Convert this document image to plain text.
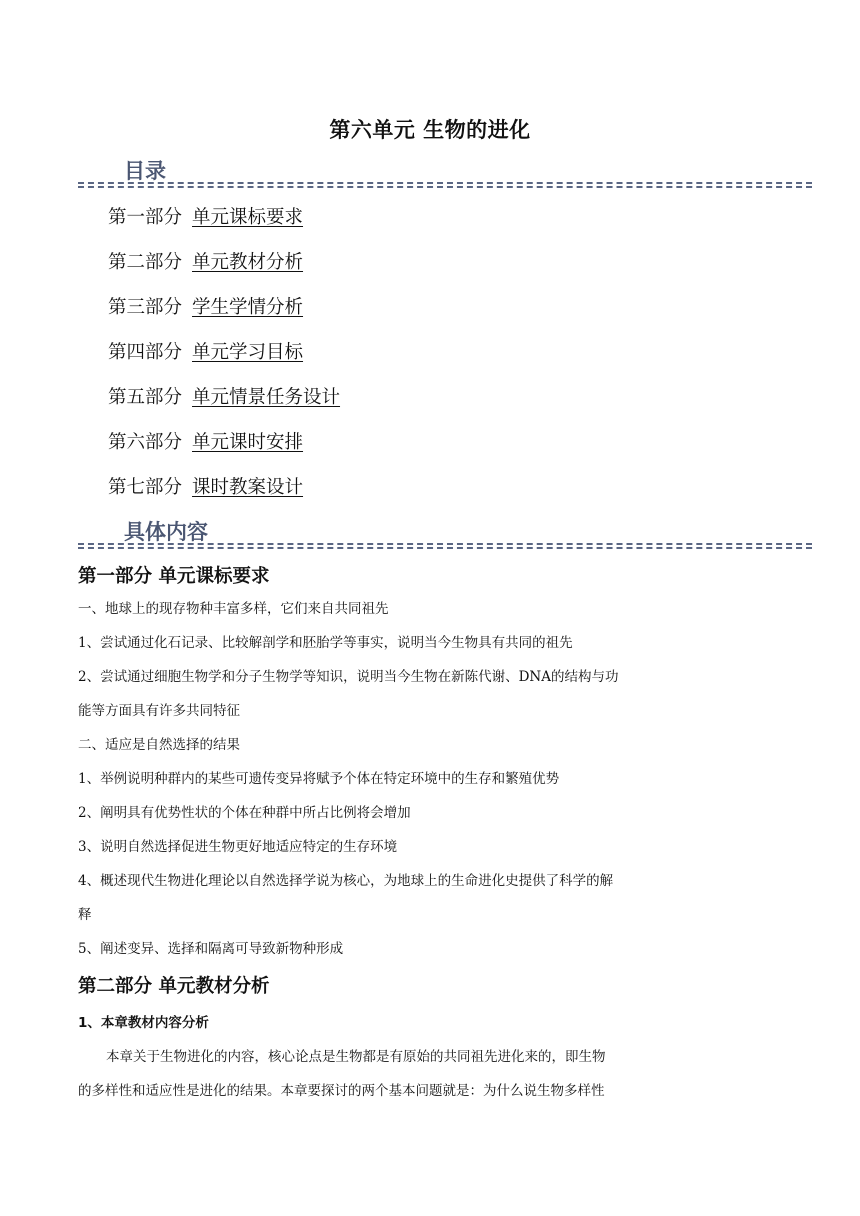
第六单元 生物的进化
目录
第一部分 单元课标要求
第二部分 单元教材分析
第三部分 学生学情分析
第四部分 单元学习目标
第五部分 单元情景任务设计
第六部分 单元课时安排
第七部分 课时教案设计
具体内容
第一部分 单元课标要求

一、地球上的现存物种丰富多样，它们来自共同祖先

1、尝试通过化石记录、比较解剖学和胚胎学等事实，说明当今生物具有共同的祖先

2、尝试通过细胞生物学和分子生物学等知识，说明当今生物在新陈代谢、DNA的结构与功

能等方面具有许多共同特征

二、适应是自然选择的结果

1、举例说明种群内的某些可遗传变异将赋予个体在特定环境中的生存和繁殖优势

2、阐明具有优势性状的个体在种群中所占比例将会增加

3、说明自然选择促进生物更好地适应特定的生存环境

4、概述现代生物进化理论以自然选择学说为核心，为地球上的生命进化史提供了科学的解

释

5、阐述变异、选择和隔离可导致新物种形成

第二部分 单元教材分析

1、本章教材内容分析

本章关于生物进化的内容，核心论点是生物都是有原始的共同祖先进化来的，即生物

的多样性和适应性是进化的结果。本章要探讨的两个基本问题就是：为什么说生物多样性
